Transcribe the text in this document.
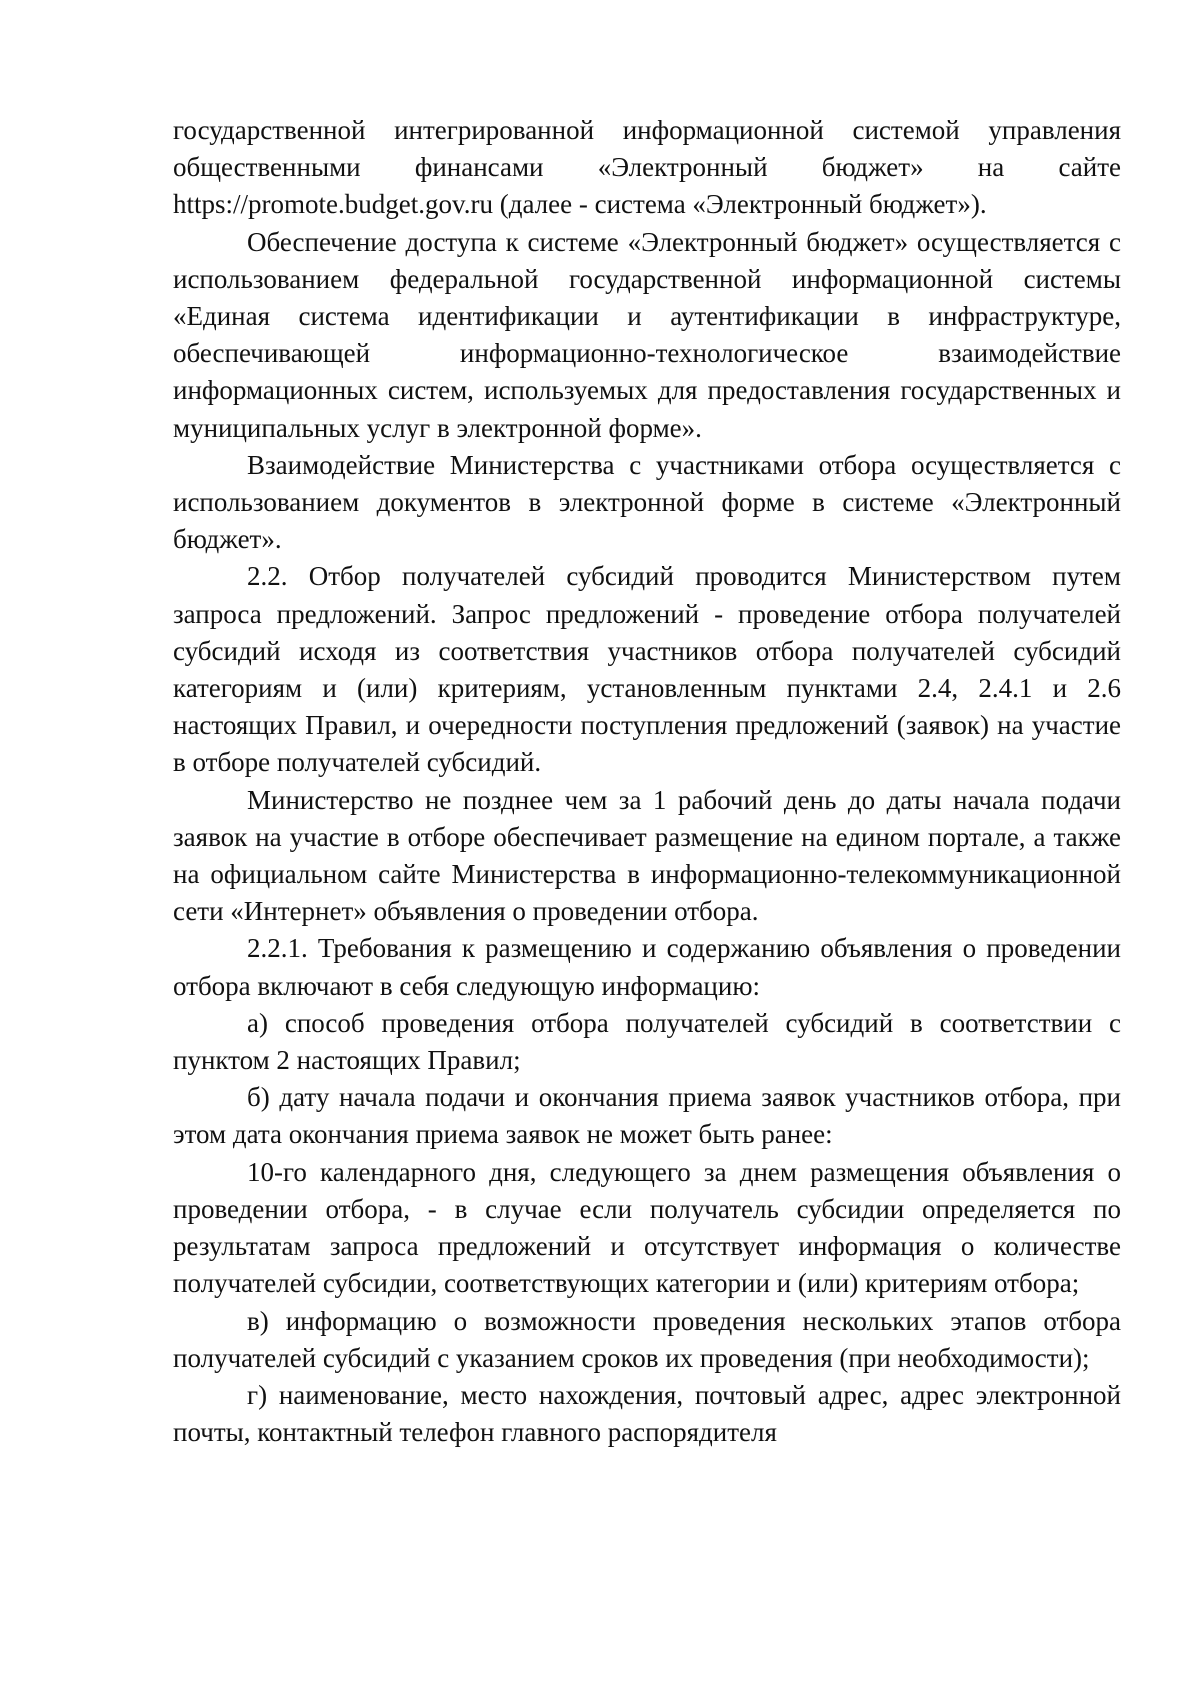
государственной интегрированной информационной системой управления общественными финансами «Электронный бюджет» на сайте https://promote.budget.gov.ru (далее - система «Электронный бюджет»).

Обеспечение доступа к системе «Электронный бюджет» осуществляется с использованием федеральной государственной информационной системы «Единая система идентификации и аутентификации в инфраструктуре, обеспечивающей информационно-технологическое взаимодействие информационных систем, используемых для предоставления государственных и муниципальных услуг в электронной форме».

Взаимодействие Министерства с участниками отбора осуществляется с использованием документов в электронной форме в системе «Электронный бюджет».

2.2. Отбор получателей субсидий проводится Министерством путем запроса предложений. Запрос предложений - проведение отбора получателей субсидий исходя из соответствия участников отбора получателей субсидий категориям и (или) критериям, установленным пунктами 2.4, 2.4.1 и 2.6 настоящих Правил, и очередности поступления предложений (заявок) на участие в отборе получателей субсидий.

Министерство не позднее чем за 1 рабочий день до даты начала подачи заявок на участие в отборе обеспечивает размещение на едином портале, а также на официальном сайте Министерства в информационно-телекоммуникационной сети «Интернет» объявления о проведении отбора.

2.2.1. Требования к размещению и содержанию объявления о проведении отбора включают в себя следующую информацию:

а) способ проведения отбора получателей субсидий в соответствии с пунктом 2 настоящих Правил;

б) дату начала подачи и окончания приема заявок участников отбора, при этом дата окончания приема заявок не может быть ранее:

10-го календарного дня, следующего за днем размещения объявления о проведении отбора, - в случае если получатель субсидии определяется по результатам запроса предложений и отсутствует информация о количестве получателей субсидии, соответствующих категории и (или) критериям отбора;

в) информацию о возможности проведения нескольких этапов отбора получателей субсидий с указанием сроков их проведения (при необходимости);

г) наименование, место нахождения, почтовый адрес, адрес электронной почты, контактный телефон главного распорядителя
